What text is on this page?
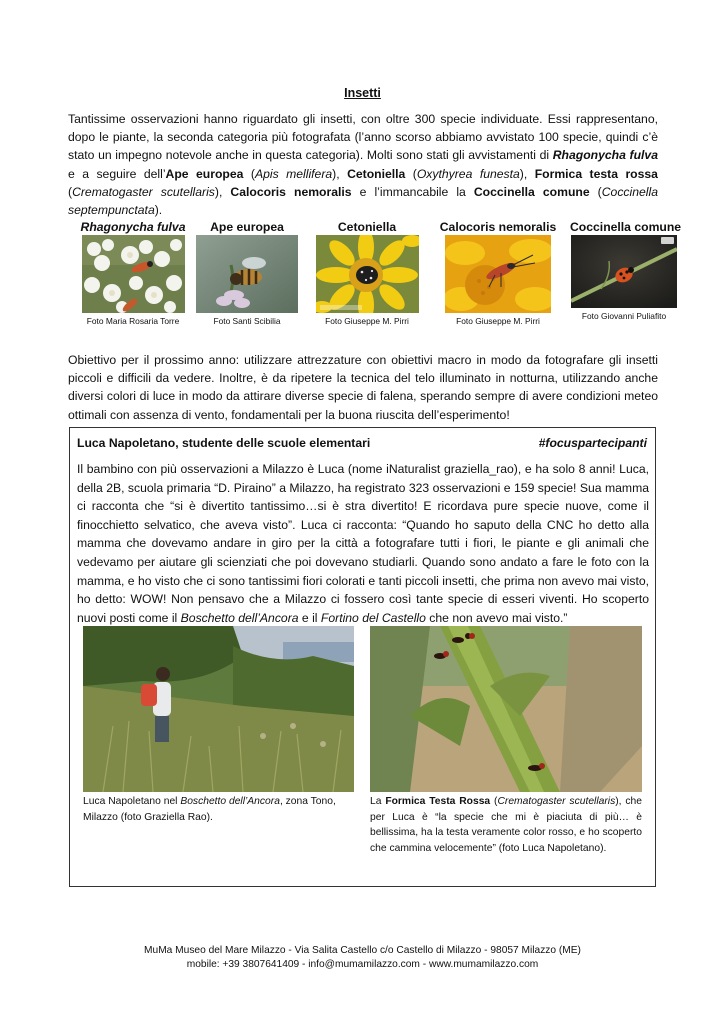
Insetti

Tantissime osservazioni hanno riguardato gli insetti, con oltre 300 specie individuate. Essi rappresentano, dopo le piante, la seconda categoria più fotografata (l’anno scorso abbiamo avvistato 100 specie, quindi c’è stato un impegno notevole anche in questa categoria). Molti sono stati gli avvistamenti di Rhagonycha fulva e a seguire dell’Ape europea (Apis mellifera), Cetoniella (Oxythyrea funesta), Formica testa rossa (Crematogaster scutellaris), Calocoris nemoralis e l’immancabile la Coccinella comune (Coccinella septempunctata).

Rhagonycha fulva
Foto Maria Rosaria Torre
Ape europea
Foto Santi Scibilia
Cetoniella
Foto Giuseppe M. Pirri
Calocoris nemoralis
Foto Giuseppe M. Pirri
Coccinella comune
Foto Giovanni Puliafito

Obiettivo per il prossimo anno: utilizzare attrezzature con obiettivi macro in modo da fotografare gli insetti piccoli e difficili da vedere. Inoltre, è da ripetere la tecnica del telo illuminato in notturna, utilizzando anche diversi colori di luce in modo da attirare diverse specie di falena, sperando sempre di avere condizioni meteo ottimali con assenza di vento, fondamentali per la buona riuscita dell’esperimento!

Luca Napoletano, studente delle scuole elementari	#focuspartecipanti

Il bambino con più osservazioni a Milazzo è Luca (nome iNaturalist graziella_rao), e ha solo 8 anni! Luca, della 2B, scuola primaria “D. Piraino” a Milazzo, ha registrato 323 osservazioni e 159 specie! Sua mamma ci racconta che “si è divertito tantissimo…si è stra divertito! E ricordava pure specie nuove, come il finocchietto selvatico, che aveva visto”. Luca ci racconta: “Quando ho saputo della CNC ho detto alla mamma che dovevamo andare in giro per la città a fotografare tutti i fiori, le piante e gli animali che vedevamo per aiutare gli scienziati che poi dovevano studiarli. Quando sono andato a fare le foto con la mamma, e ho visto che ci sono tantissimi fiori colorati e tanti piccoli insetti, che prima non avevo mai visto, ho detto: WOW! Non pensavo che a Milazzo ci fossero così tante specie di esseri viventi. Ho scoperto nuovi posti come il Boschetto dell’Ancora e il Fortino del Castello che non avevo mai visto.”

Luca Napoletano nel Boschetto dell’Ancora, zona Tono, Milazzo (foto Graziella Rao).

La Formica Testa Rossa (Crematogaster scutellaris), che per Luca è “la specie che mi è piaciuta di più… è bellissima, ha la testa veramente color rosso, e ho scoperto che cammina velocemente” (foto Luca Napoletano).

MuMa Museo del Mare Milazzo - Via Salita Castello c/o Castello di Milazzo - 98057 Milazzo (ME)
mobile: +39 3807641409 - info@mumamilazzo.com - www.mumamilazzo.com
